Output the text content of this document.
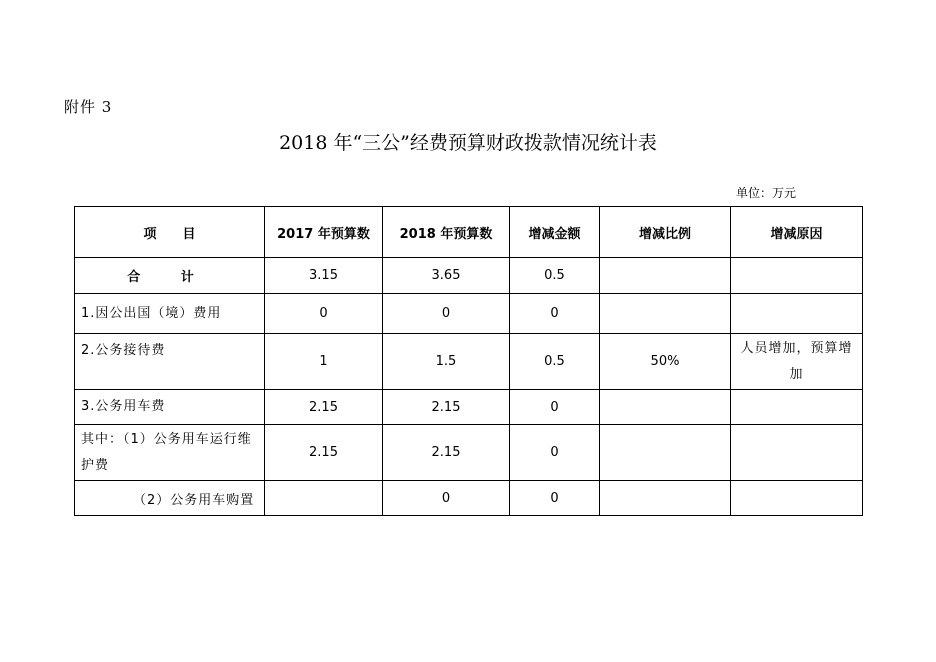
附件 3
2018 年“三公”经费预算财政拨款情况统计表
单位：万元
项　　目	2017 年预算数	2018 年预算数	增减金额	增减比例	增减原因
合 计	3.15	3.65	0.5		
1.因公出国（境）费用	0	0	0		
2.公务接待费	1	1.5	0.5	50%	人员增加，预算增加
3.公务用车费	2.15	2.15	0		
其中：（1）公务用车运行维护费	2.15	2.15	0		
（2）公务用车购置		0	0		
